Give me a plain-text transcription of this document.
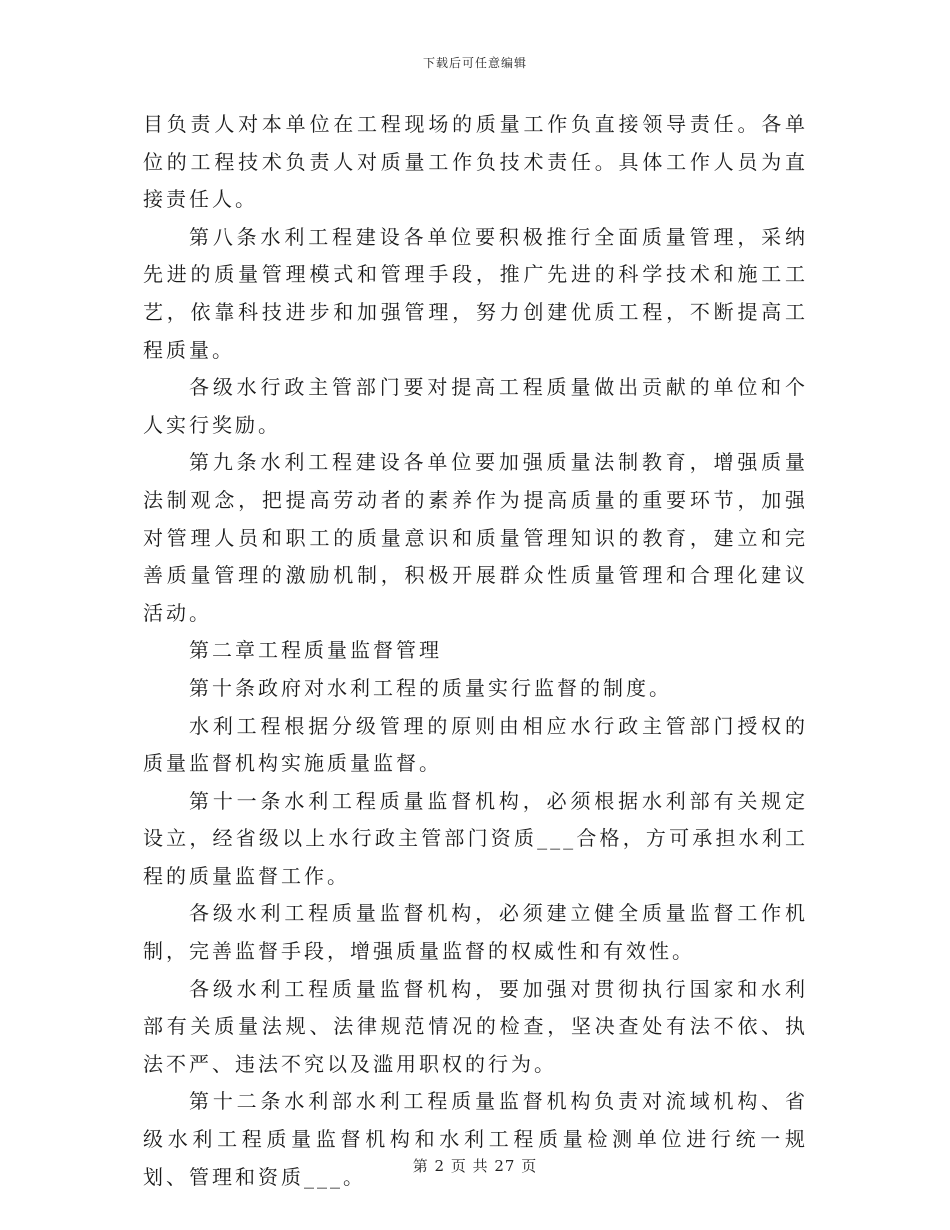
下载后可任意编辑

目负责人对本单位在工程现场的质量工作负直接领导责任。各单位的工程技术负责人对质量工作负技术责任。具体工作人员为直接责任人。

第八条水利工程建设各单位要积极推行全面质量管理，采纳先进的质量管理模式和管理手段，推广先进的科学技术和施工工艺，依靠科技进步和加强管理，努力创建优质工程，不断提高工程质量。

各级水行政主管部门要对提高工程质量做出贡献的单位和个人实行奖励。

第九条水利工程建设各单位要加强质量法制教育，增强质量法制观念，把提高劳动者的素养作为提高质量的重要环节，加强对管理人员和职工的质量意识和质量管理知识的教育，建立和完善质量管理的激励机制，积极开展群众性质量管理和合理化建议活动。

第二章工程质量监督管理

第十条政府对水利工程的质量实行监督的制度。

水利工程根据分级管理的原则由相应水行政主管部门授权的质量监督机构实施质量监督。

第十一条水利工程质量监督机构，必须根据水利部有关规定设立，经省级以上水行政主管部门资质___合格，方可承担水利工程的质量监督工作。

各级水利工程质量监督机构，必须建立健全质量监督工作机制，完善监督手段，增强质量监督的权威性和有效性。

各级水利工程质量监督机构，要加强对贯彻执行国家和水利部有关质量法规、法律规范情况的检查，坚决查处有法不依、执法不严、违法不究以及滥用职权的行为。

第十二条水利部水利工程质量监督机构负责对流域机构、省级水利工程质量监督机构和水利工程质量检测单位进行统一规划、管理和资质___。	第 2 页 共 27 页
